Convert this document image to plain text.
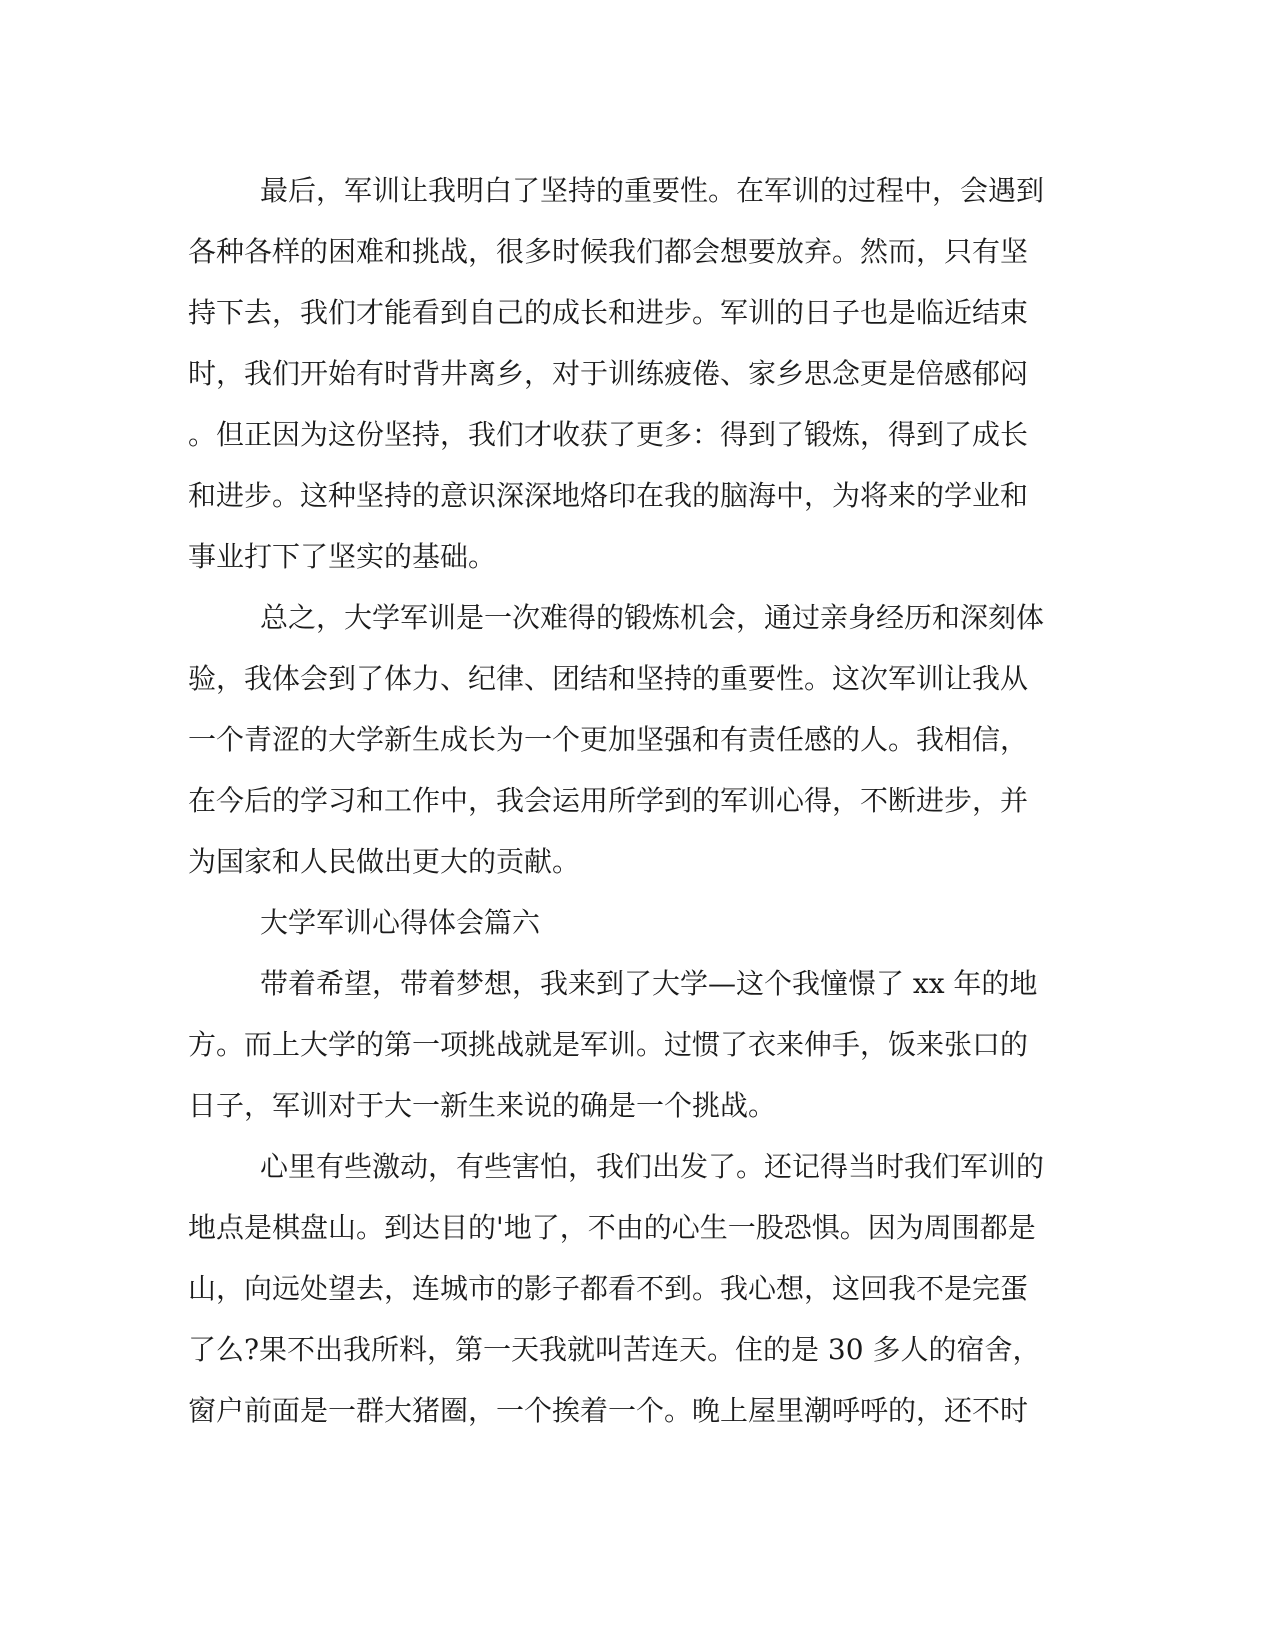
最后，军训让我明白了坚持的重要性。在军训的过程中，会遇到
各种各样的困难和挑战，很多时候我们都会想要放弃。然而，只有坚
持下去，我们才能看到自己的成长和进步。军训的日子也是临近结束
时，我们开始有时背井离乡，对于训练疲倦、家乡思念更是倍感郁闷
。但正因为这份坚持，我们才收获了更多：得到了锻炼，得到了成长
和进步。这种坚持的意识深深地烙印在我的脑海中，为将来的学业和
事业打下了坚实的基础。
总之，大学军训是一次难得的锻炼机会，通过亲身经历和深刻体
验，我体会到了体力、纪律、团结和坚持的重要性。这次军训让我从
一个青涩的大学新生成长为一个更加坚强和有责任感的人。我相信，
在今后的学习和工作中，我会运用所学到的军训心得，不断进步，并
为国家和人民做出更大的贡献。
大学军训心得体会篇六
带着希望，带着梦想，我来到了大学—这个我憧憬了 xx 年的地
方。而上大学的第一项挑战就是军训。过惯了衣来伸手，饭来张口的
日子，军训对于大一新生来说的确是一个挑战。
心里有些激动，有些害怕，我们出发了。还记得当时我们军训的
地点是棋盘山。到达目的'地了，不由的心生一股恐惧。因为周围都是
山，向远处望去，连城市的影子都看不到。我心想，这回我不是完蛋
了么?果不出我所料，第一天我就叫苦连天。住的是 30 多人的宿舍，
窗户前面是一群大猪圈，一个挨着一个。晚上屋里潮呼呼的，还不时
